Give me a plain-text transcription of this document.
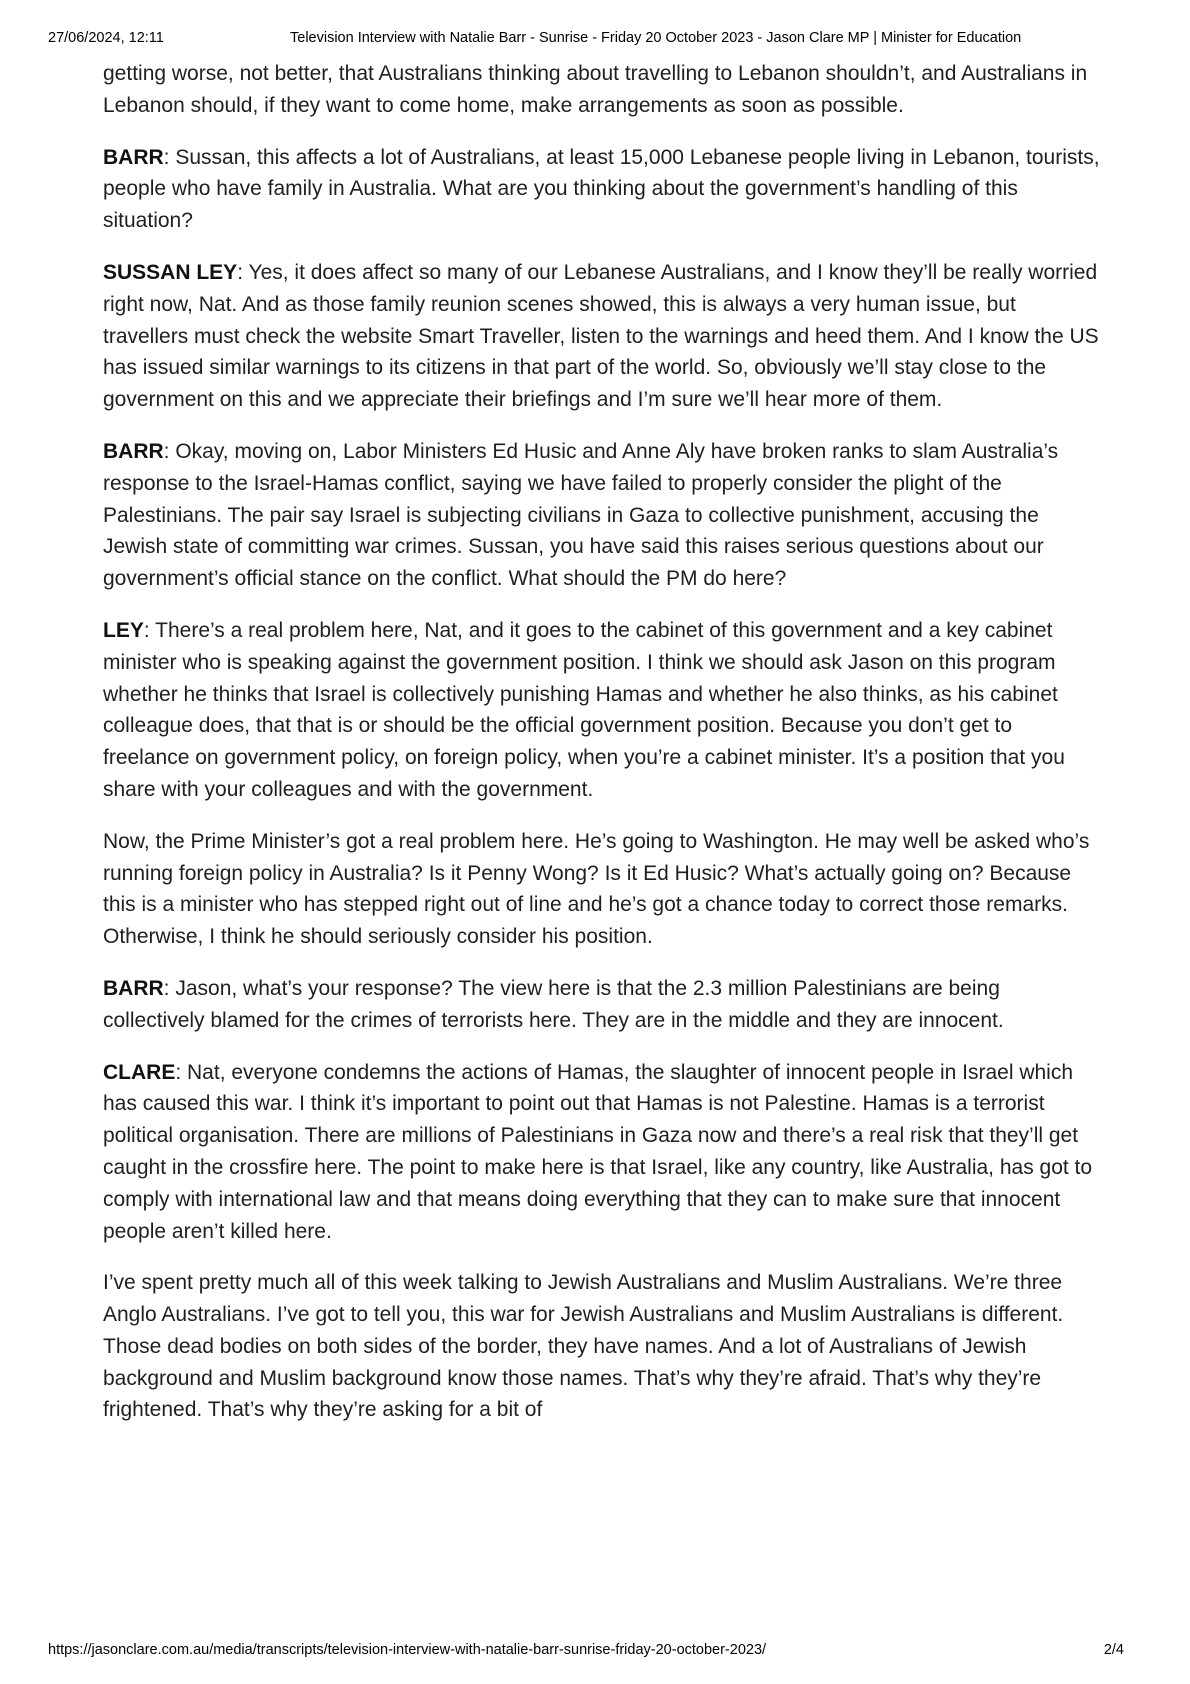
27/06/2024, 12:11	Television Interview with Natalie Barr - Sunrise - Friday 20 October 2023 - Jason Clare MP | Minister for Education

getting worse, not better, that Australians thinking about travelling to Lebanon shouldn’t, and Australians in Lebanon should, if they want to come home, make arrangements as soon as possible.

BARR: Sussan, this affects a lot of Australians, at least 15,000 Lebanese people living in Lebanon, tourists, people who have family in Australia. What are you thinking about the government’s handling of this situation?

SUSSAN LEY: Yes, it does affect so many of our Lebanese Australians, and I know they’ll be really worried right now, Nat. And as those family reunion scenes showed, this is always a very human issue, but travellers must check the website Smart Traveller, listen to the warnings and heed them. And I know the US has issued similar warnings to its citizens in that part of the world. So, obviously we’ll stay close to the government on this and we appreciate their briefings and I’m sure we’ll hear more of them.

BARR: Okay, moving on, Labor Ministers Ed Husic and Anne Aly have broken ranks to slam Australia’s response to the Israel-Hamas conflict, saying we have failed to properly consider the plight of the Palestinians. The pair say Israel is subjecting civilians in Gaza to collective punishment, accusing the Jewish state of committing war crimes. Sussan, you have said this raises serious questions about our government’s official stance on the conflict. What should the PM do here?

LEY: There’s a real problem here, Nat, and it goes to the cabinet of this government and a key cabinet minister who is speaking against the government position. I think we should ask Jason on this program whether he thinks that Israel is collectively punishing Hamas and whether he also thinks, as his cabinet colleague does, that that is or should be the official government position. Because you don’t get to freelance on government policy, on foreign policy, when you’re a cabinet minister. It’s a position that you share with your colleagues and with the government.

Now, the Prime Minister’s got a real problem here. He’s going to Washington. He may well be asked who’s running foreign policy in Australia? Is it Penny Wong? Is it Ed Husic? What’s actually going on? Because this is a minister who has stepped right out of line and he’s got a chance today to correct those remarks. Otherwise, I think he should seriously consider his position.

BARR: Jason, what’s your response? The view here is that the 2.3 million Palestinians are being collectively blamed for the crimes of terrorists here. They are in the middle and they are innocent.

CLARE: Nat, everyone condemns the actions of Hamas, the slaughter of innocent people in Israel which has caused this war. I think it’s important to point out that Hamas is not Palestine. Hamas is a terrorist political organisation. There are millions of Palestinians in Gaza now and there’s a real risk that they’ll get caught in the crossfire here. The point to make here is that Israel, like any country, like Australia, has got to comply with international law and that means doing everything that they can to make sure that innocent people aren’t killed here.

I’ve spent pretty much all of this week talking to Jewish Australians and Muslim Australians. We’re three Anglo Australians. I’ve got to tell you, this war for Jewish Australians and Muslim Australians is different. Those dead bodies on both sides of the border, they have names. And a lot of Australians of Jewish background and Muslim background know those names. That’s why they’re afraid. That’s why they’re frightened. That’s why they’re asking for a bit of

https://jasonclare.com.au/media/transcripts/television-interview-with-natalie-barr-sunrise-friday-20-october-2023/	2/4
